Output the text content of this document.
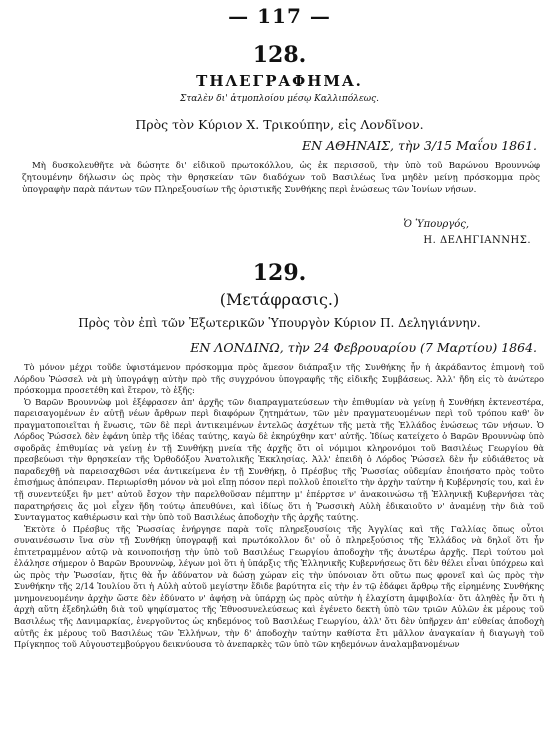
— 117 —
128.
ΤΗΛΕΓΡΑΦΗΜΑ.
Σταλὲν δι' ἀτμοπλοίου μέσῳ Καλλιπόλεως.
Πρὸς τὸν Κύριον Χ. Τρικούπην, εἰς Λονδῖνον.
ΕΝ ΑΘΗΝΑΙΣ, τὴν 3/15 Μαΐου 1861.
Μὴ δυσκολευθῆτε νὰ δώσητε δι' εἰδικοῦ πρωτοκόλλου, ὡς ἐκ περισσοῦ, τὴν ὑπὸ τοῦ Βαρώνου Βρουννώφ ζητουμένην δήλωσιν ὡς πρὸς τὴν θρησκείαν τῶν διαδόχων τοῦ Βασιλέως ἵνα μηδὲν μείνῃ πρόσκομμα πρὸς ὑπογραφὴν παρὰ πάντων τῶν Πληρεξουσίων τῆς ὁριστικῆς Συνθήκης περὶ ἑνώσεως τῶν Ἰονίων νήσων.
Ὁ Ὑπουργός,
Η. ΔΕΛΗΓΙΑΝΝΗΣ.
129.
(Μετάφρασις.)
Πρὸς τὸν ἐπὶ τῶν Ἐξωτερικῶν Ὑπουργὸν Κύριον Π. Δεληγιάννην.
ΕΝ ΛΟΝΔΙΝΩ, τὴν 24 Φεβρουαρίου (7 Μαρτίου) 1864.

Τὸ μόνον μέχρι τοῦδε ὑφιστάμενον πρόσκομμα πρὸς ἄμεσον διάπραξιν τῆς Συνθήκης ἦν ἡ ἀκράδαντος ἐπιμονὴ τοῦ Λόρδου Ῥώσσελ νὰ μὴ ὑπογράψῃ αὐτὴν πρὸ τῆς συγχρόνου ὑπογραφῆς τῆς εἰδικῆς Συμβάσεως. Ἀλλ' ἤδη εἰς τὸ ἀνώτερο πρόσκομμα προσετέθη καὶ ἕτερον, τὸ ἑξῆς:

Ὁ Βαρῶν Βρουννὼφ μοὶ ἐξέφρασεν ἀπ' ἀρχῆς τῶν διαπραγματεύσεων τὴν ἐπιθυμίαν νὰ γείνῃ ἡ Συνθήκη ἐκτενεστέρα, παρεισαγομένων ἐν αὐτῇ νέων ἄρθρων περὶ διαφόρων ζητημάτων, τῶν μὲν πραγματευομένων περὶ τοῦ τρόπου καθ' ὃν πραγματοποιεῖται ἡ ἕνωσις, τῶν δὲ περὶ ἀντικειμένων ἐντελῶς ἀσχέτων τῆς μετὰ τῆς Ἑλλάδος ἑνώσεως τῶν νήσων. Ὁ Λόρδος Ῥώσσελ δὲν ἐφάνη ὑπὲρ τῆς ἰδέας ταύτης, καγὼ δὲ ἐκηρύχθην κατ' αὐτῆς. Ἰδίως κατείχετο ὁ Βαρῶν Βρουννὼφ ὑπὸ σφοδρᾶς ἐπιθυμίας νὰ γείνῃ ἐν τῇ Συνθήκῃ μνεία τῆς ἀρχῆς ὅτι οἱ νόμιμοι κληρονόμοι τοῦ Βασιλέως Γεωργίου θὰ πρεσβεύωσι τὴν θρησκείαν τῆς Ὀρθοδόξου Ἀνατολικῆς Ἐκκλησίας. Ἀλλ' ἐπειδὴ ὁ Λόρδος Ῥώσσελ δὲν ἦν εὐδιάθετος νὰ παραδεχθῇ νὰ παρεισαχθῶσι νέα ἀντικείμενα ἐν τῇ Συνθήκῃ, ὁ Πρέσβυς τῆς Ῥωσσίας οὐδεμίαν ἐποιήσατο πρὸς τοῦτο ἐπισήμως ἀπόπειραν. Περιωρίσθη μόνον νὰ μοὶ εἴπῃ πόσον περὶ πολλοῦ ἐποιεῖτο τὴν ἀρχὴν ταύτην ἡ Κυβέρνησίς του, καὶ ἐν τῇ συνεντεύξει ἣν μετ' αὐτοῦ ἔσχον τὴν παρελθοῦσαν πέμπτην μ' ἐπέρρτσε ν' ἀνακοινώσω τῇ Ἑλληνικῇ Κυβερνήσει τὰς παρατηρήσεις ἅς μοὶ εἶχεν ἤδη τούτῳ ἀπευθύνει, καὶ ἰδίως ὅτι ἡ Ῥωσσικὴ Αὐλὴ ἐδικαιοῦτο ν' ἀναμένῃ τὴν διὰ τοῦ Συνταγματος καθιέρωσιν καὶ τὴν ὑπὸ τοῦ Βασιλέως ἀποδοχὴν τῆς ἀρχῆς ταύτης.

Ἐκτὸτε ὁ Πρέσβυς τῆς Ῥωσσίας ἐνήργησε παρὰ τοῖς πληρεξουσίοις τῆς Ἀγγλίας καὶ τῆς Γαλλίας ὅπως οὗτοι συναινέσωσιν ἵνα σὺν τῇ Συνθήκῃ ὑπογραφῇ καὶ πρωτόκολλον δι' οὗ ὁ πληρεξούσιος τῆς Ἑλλάδος νὰ δηλοῖ ὅτι ἦν ἐπιτετραμμένον αὐτῷ νὰ κοινοποιήσῃ τὴν ὑπὸ τοῦ Βασιλέως Γεωργίου ἀποδοχὴν τῆς ἀνωτέρω ἀρχῆς. Περὶ τούτου μοὶ ἐλάλησε σήμερον ὁ Βαρῶν Βρουννὼφ, λέγων μοὶ ὅτι ἡ ὑπάρξις τῆς Ἑλληνικῆς Κυβερνήσεως ὅτι δὲν θέλει εἶναι ὑπόχρεω καὶ ὡς πρὸς τὴν Ῥωσσίαν, ἥτις θὰ ἦν ἀδύνατον νὰ δώσῃ χώραν εἰς τὴν ὑπόνοιαν ὅτι οὕτω πως φρονεῖ καὶ ὡς πρὸς τὴν Συνθήκην τῆς 2/14 Ἰουλίου ὅτι ἡ Αὐλὴ αὐτοῦ μεγίστην ἔδιδε βαρύτητα εἰς τὴν ἐν τῷ ἐδάφει ἄρθρῳ τῆς εἰρημένης Συνθήκης μνημονευομένην ἀρχὴν ὥστε δὲν ἐδύνατο ν' ἀφήσῃ νὰ ὑπάρχῃ ὡς πρὸς αὐτὴν ἡ ἐλαχίστη ἀμφιβολία· ὅτι ἀληθὲς ἦν ὅτι ἡ ἀρχὴ αὕτη ἐξεδηλώθη διὰ τοῦ ψηφίσματος τῆς Ἐθνοσυνελεύσεως καὶ ἐγένετο δεκτὴ ὑπὸ τῶν τριῶν Αὐλῶν ἐκ μέρους τοῦ Βασιλέως τῆς Δανιμαρκίας, ἐνεργοῦντος ὡς κηδεμόνος τοῦ Βασιλέως Γεωργίου, ἀλλ' ὅτι δὲν ὑπῆρχεν ἀπ' εὐθείας ἀποδοχὴ αὐτῆς ἐκ μέρους τοῦ Βασιλέως τῶν Ἑλλήνων, τὴν δ' ἀποδοχὴν ταύτην καθίστα ἔτι μᾶλλον ἀναγκαίαν ἡ διαγωγὴ τοῦ Πρίγκηπος τοῦ Αὐγουστεμβούργου δεικνύουσα τὸ ἀνεπαρκὲς τῶν ὑπὸ τῶν κηδεμόνων ἀναλαμβανομένων
